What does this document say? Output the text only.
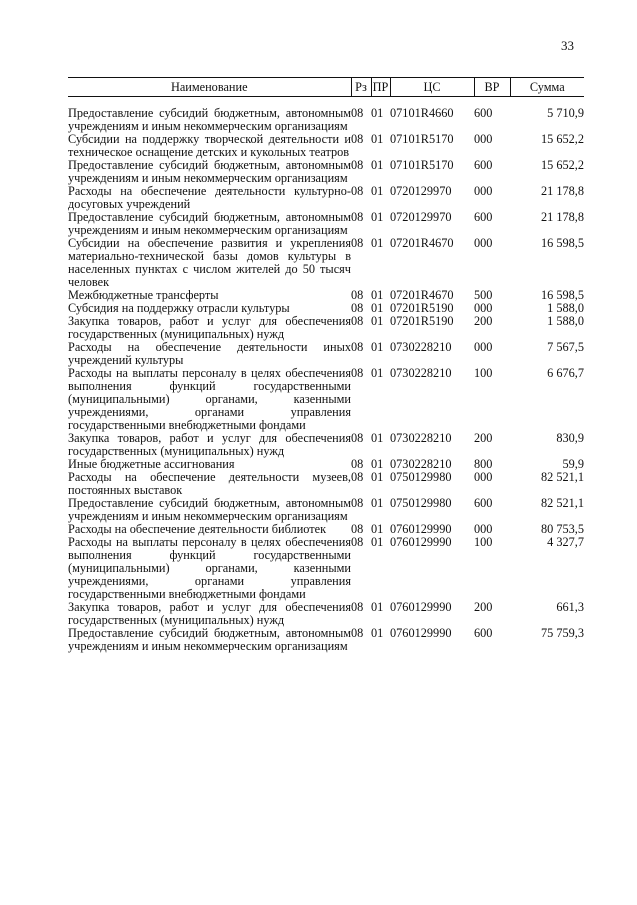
33
Наименование	Рз	ПР	ЦС	ВР	Сумма

Предоставление субсидий бюджетным, автономным учреждениям и иным некоммерческим организациям	08	01	07101R4660	600	5 710,9
Субсидии на поддержку творческой деятельности и техническое оснащение детских и кукольных театров	08	01	07101R5170	000	15 652,2
Предоставление субсидий бюджетным, автономным учреждениям и иным некоммерческим организациям	08	01	07101R5170	600	15 652,2
Расходы на обеспечение деятельности культурно-досуговых учреждений	08	01	0720129970	000	21 178,8
Предоставление субсидий бюджетным, автономным учреждениям и иным некоммерческим организациям	08	01	0720129970	600	21 178,8
Субсидии на обеспечение развития и укрепления материально-технической базы домов культуры в населенных пунктах с числом жителей до 50 тысяч человек	08	01	07201R4670	000	16 598,5
Межбюджетные трансферты	08	01	07201R4670	500	16 598,5
Субсидия на поддержку отрасли культуры	08	01	07201R5190	000	1 588,0
Закупка товаров, работ и услуг для обеспечения государственных (муниципальных) нужд	08	01	07201R5190	200	1 588,0
Расходы на обеспечение деятельности иных учреждений культуры	08	01	0730228210	000	7 567,5
Расходы на выплаты персоналу в целях обеспечения выполнения функций государственными (муниципальными) органами, казенными учреждениями, органами управления государственными внебюджетными фондами	08	01	0730228210	100	6 676,7
Закупка товаров, работ и услуг для обеспечения государственных (муниципальных) нужд	08	01	0730228210	200	830,9
Иные бюджетные ассигнования	08	01	0730228210	800	59,9
Расходы на обеспечение деятельности музеев, постоянных выставок	08	01	0750129980	000	82 521,1
Предоставление субсидий бюджетным, автономным учреждениям и иным некоммерческим организациям	08	01	0750129980	600	82 521,1
Расходы на обеспечение деятельности библиотек	08	01	0760129990	000	80 753,5
Расходы на выплаты персоналу в целях обеспечения выполнения функций государственными (муниципальными) органами, казенными учреждениями, органами управления государственными внебюджетными фондами	08	01	0760129990	100	4 327,7
Закупка товаров, работ и услуг для обеспечения государственных (муниципальных) нужд	08	01	0760129990	200	661,3
Предоставление субсидий бюджетным, автономным учреждениям и иным некоммерческим организациям	08	01	0760129990	600	75 759,3
